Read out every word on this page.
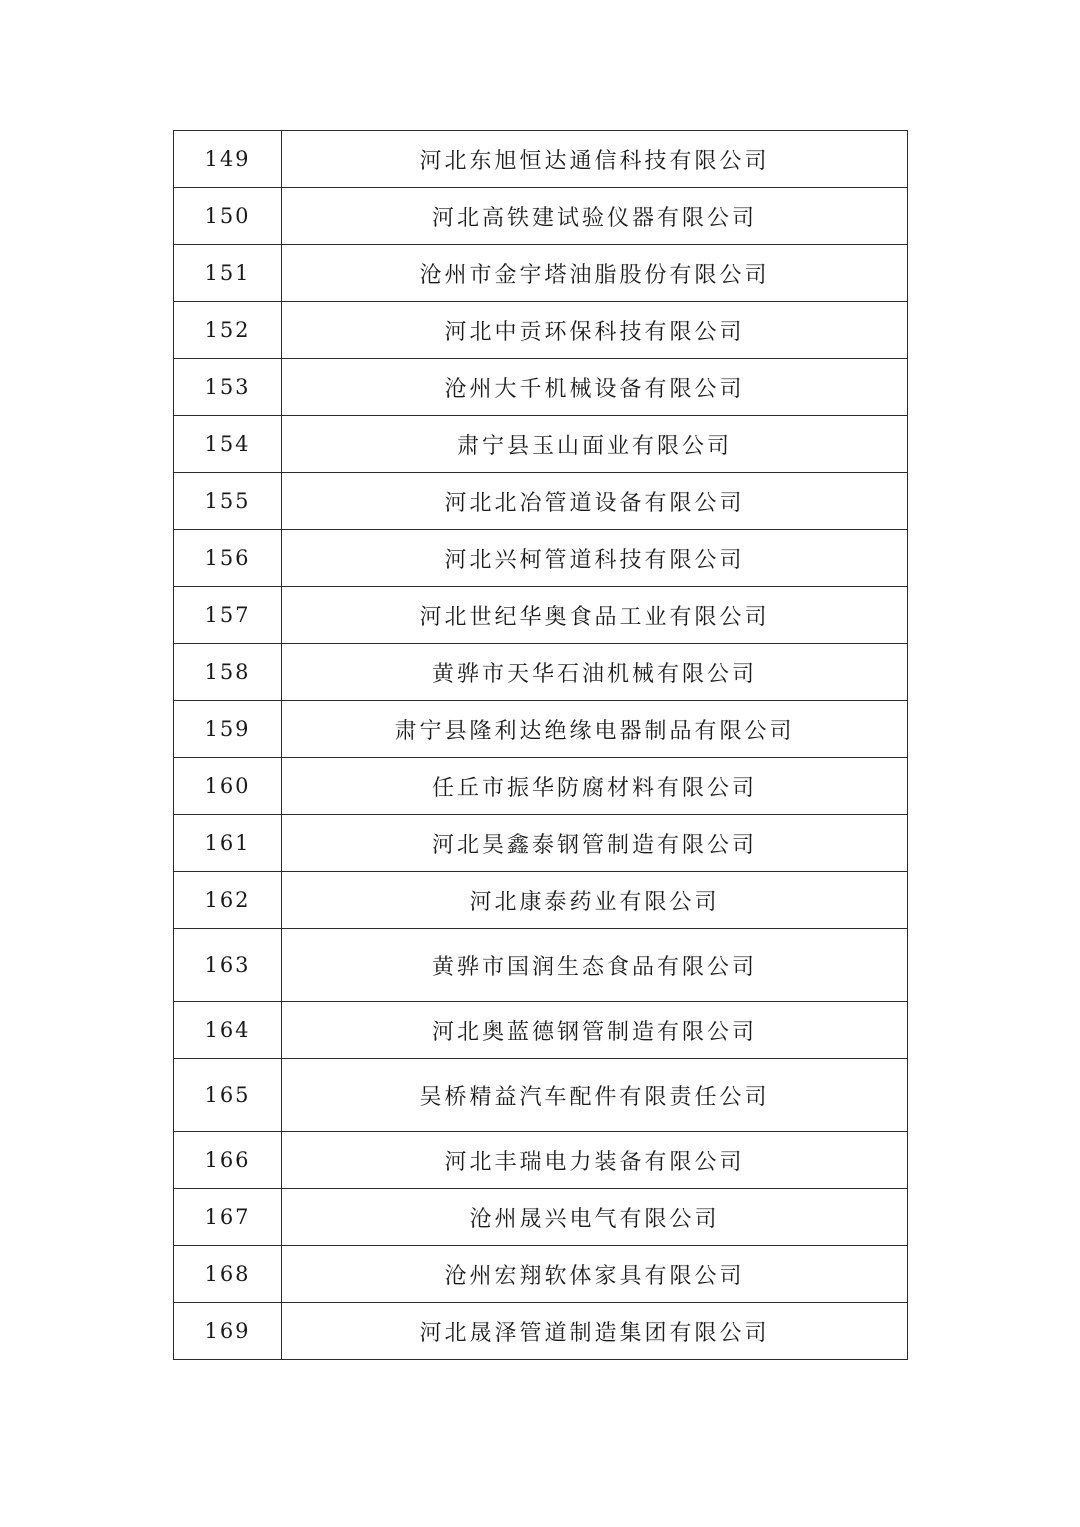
149	河北东旭恒达通信科技有限公司
150	河北高铁建试验仪器有限公司
151	沧州市金宇塔油脂股份有限公司
152	河北中贡环保科技有限公司
153	沧州大千机械设备有限公司
154	肃宁县玉山面业有限公司
155	河北北冶管道设备有限公司
156	河北兴柯管道科技有限公司
157	河北世纪华奥食品工业有限公司
158	黄骅市天华石油机械有限公司
159	肃宁县隆利达绝缘电器制品有限公司
160	任丘市振华防腐材料有限公司
161	河北昊鑫泰钢管制造有限公司
162	河北康泰药业有限公司
163	黄骅市国润生态食品有限公司
164	河北奥蓝德钢管制造有限公司
165	吴桥精益汽车配件有限责任公司
166	河北丰瑞电力装备有限公司
167	沧州晟兴电气有限公司
168	沧州宏翔软体家具有限公司
169	河北晟泽管道制造集团有限公司
